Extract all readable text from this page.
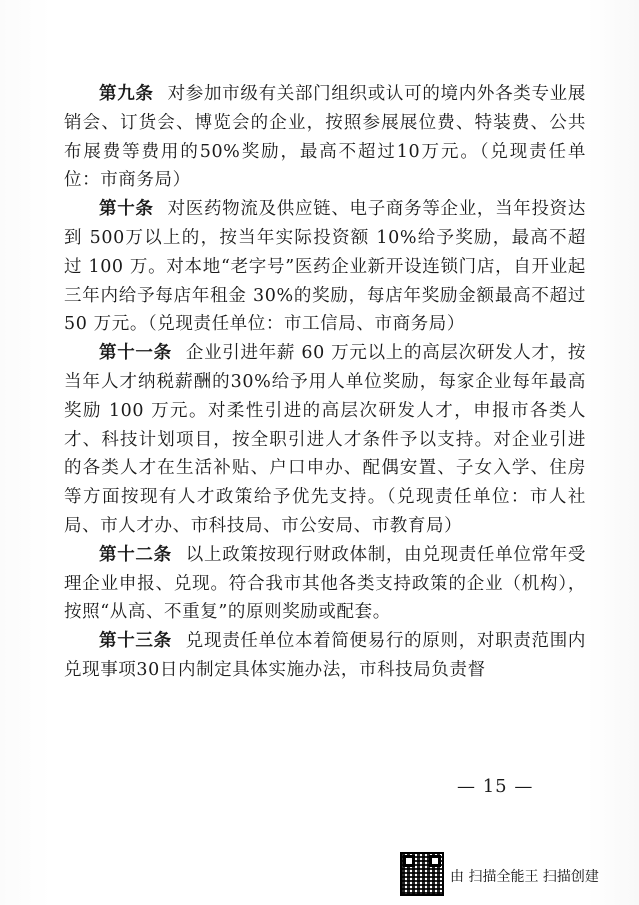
第九条 对参加市级有关部门组织或认可的境内外各类专业展销会、订货会、博览会的企业，按照参展展位费、特装费、公共布展费等费用的50%奖励，最高不超过10万元。（兑现责任单位：市商务局）

第十条 对医药物流及供应链、电子商务等企业，当年投资达到 500万以上的，按当年实际投资额 10%给予奖励，最高不超过 100 万。对本地“老字号”医药企业新开设连锁门店，自开业起三年内给予每店年租金 30%的奖励，每店年奖励金额最高不超过 50 万元。（兑现责任单位：市工信局、市商务局）

第十一条 企业引进年薪 60 万元以上的高层次研发人才，按当年人才纳税薪酬的30%给予用人单位奖励，每家企业每年最高奖励 100 万元。对柔性引进的高层次研发人才，申报市各类人才、科技计划项目，按全职引进人才条件予以支持。对企业引进的各类人才在生活补贴、户口申办、配偶安置、子女入学、住房等方面按现有人才政策给予优先支持。（兑现责任单位：市人社局、市人才办、市科技局、市公安局、市教育局）

第十二条 以上政策按现行财政体制，由兑现责任单位常年受理企业申报、兑现。符合我市其他各类支持政策的企业（机构），按照“从高、不重复”的原则奖励或配套。

第十三条 兑现责任单位本着简便易行的原则，对职责范围内兑现事项30日内制定具体实施办法，市科技局负责督

— 15 —
由 扫描全能王 扫描创建
